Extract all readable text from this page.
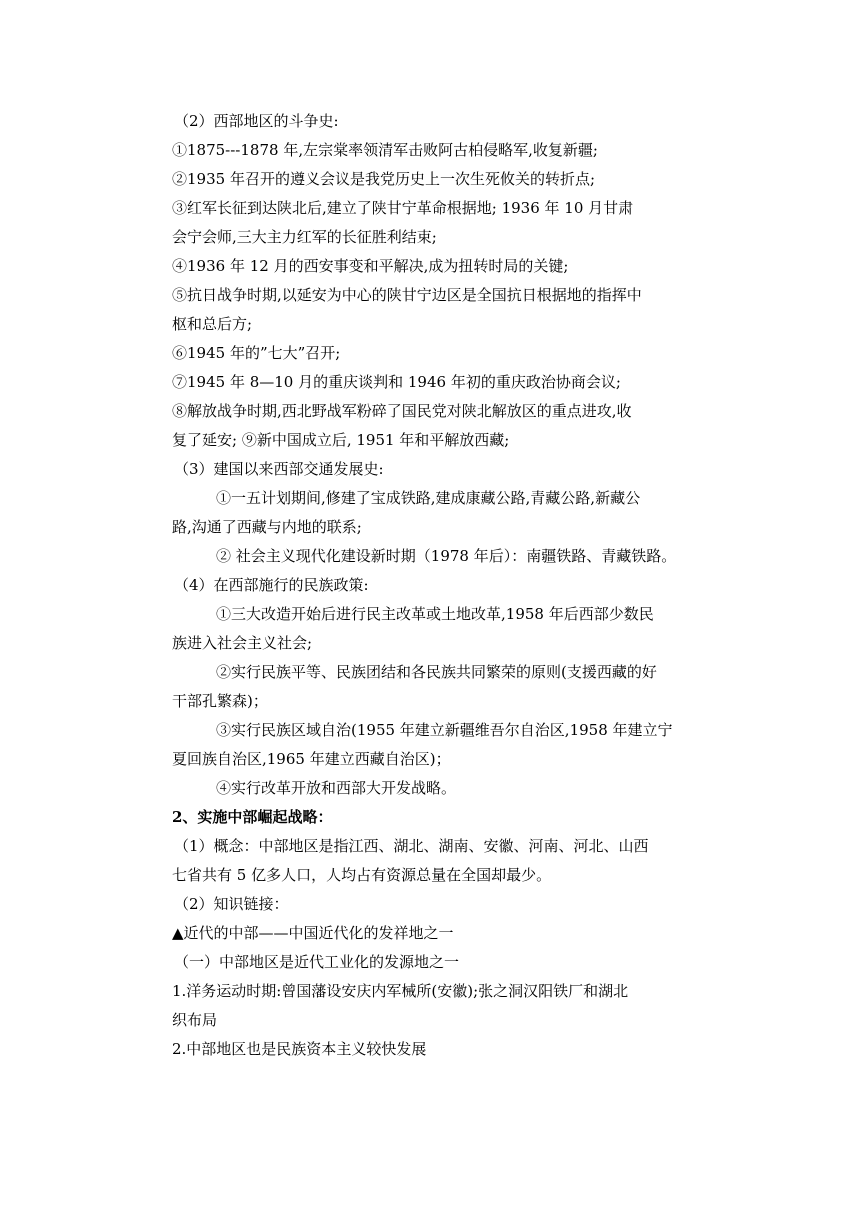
（2）西部地区的斗争史:
①1875---1878 年,左宗棠率领清军击败阿古柏侵略军,收复新疆;
②1935 年召开的遵义会议是我党历史上一次生死攸关的转折点;
③红军长征到达陕北后,建立了陕甘宁革命根据地; 1936 年 10 月甘肃
会宁会师,三大主力红军的长征胜利结束;
④1936 年 12 月的西安事变和平解决,成为扭转时局的关键;
⑤抗日战争时期,以延安为中心的陕甘宁边区是全国抗日根据地的指挥中
枢和总后方;
⑥1945 年的”七大”召开;
⑦1945 年 8—10 月的重庆谈判和 1946 年初的重庆政治协商会议;
⑧解放战争时期,西北野战军粉碎了国民党对陕北解放区的重点进攻,收
复了延安; ⑨新中国成立后, 1951 年和平解放西藏;
（3）建国以来西部交通发展史:
①一五计划期间,修建了宝成铁路,建成康藏公路,青藏公路,新藏公
路,沟通了西藏与内地的联系;
② 社会主义现代化建设新时期（1978 年后）：南疆铁路、青藏铁路。
（4）在西部施行的民族政策:
①三大改造开始后进行民主改革或土地改革,1958 年后西部少数民
族进入社会主义社会;
②实行民族平等、民族团结和各民族共同繁荣的原则(支援西藏的好
干部孔繁森)；
③实行民族区域自治(1955 年建立新疆维吾尔自治区,1958 年建立宁
夏回族自治区,1965 年建立西藏自治区)；
④实行改革开放和西部大开发战略。
2、实施中部崛起战略：
（1）概念：中部地区是指江西、湖北、湖南、安徽、河南、河北、山西
七省共有 5 亿多人口，人均占有资源总量在全国却最少。
（2）知识链接：
▲近代的中部——中国近代化的发祥地之一
（一）中部地区是近代工业化的发源地之一
1.洋务运动时期:曾国藩设安庆内军械所(安徽);张之洞汉阳铁厂和湖北
织布局
2.中部地区也是民族资本主义较快发展
